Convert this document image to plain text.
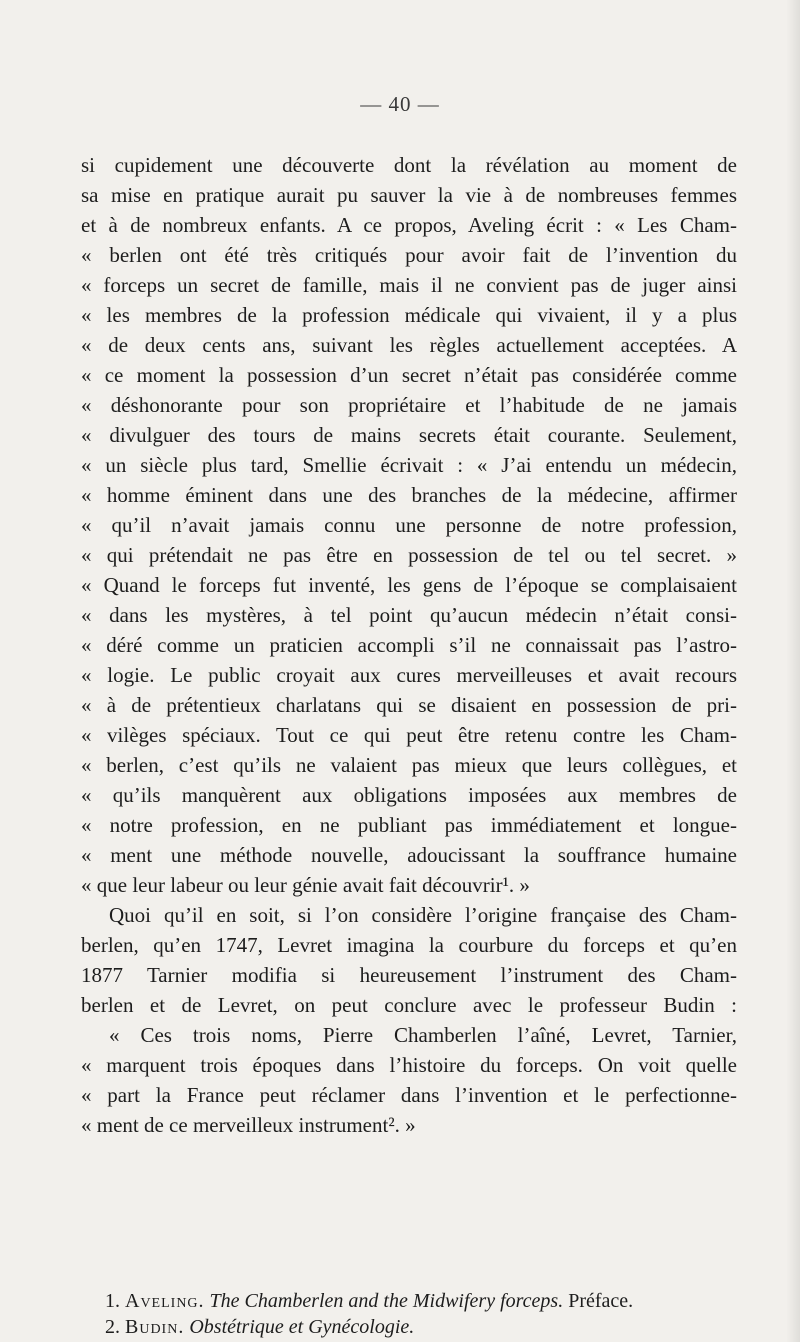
— 40 —
si cupidement une découverte dont la révélation au moment de
sa mise en pratique aurait pu sauver la vie à de nombreuses femmes
et à de nombreux enfants. A ce propos, Aveling écrit : « Les Cham-
« berlen ont été très critiqués pour avoir fait de l’invention du
« forceps un secret de famille, mais il ne convient pas de juger ainsi
« les membres de la profession médicale qui vivaient, il y a plus
« de deux cents ans, suivant les règles actuellement acceptées. A
« ce moment la possession d’un secret n’était pas considérée comme
« déshonorante pour son propriétaire et l’habitude de ne jamais
« divulguer des tours de mains secrets était courante. Seulement,
« un siècle plus tard, Smellie écrivait : « J’ai entendu un médecin,
« homme éminent dans une des branches de la médecine, affirmer
« qu’il n’avait jamais connu une personne de notre profession,
« qui prétendait ne pas être en possession de tel ou tel secret. »
« Quand le forceps fut inventé, les gens de l’époque se complaisaient
« dans les mystères, à tel point qu’aucun médecin n’était consi-
« déré comme un praticien accompli s’il ne connaissait pas l’astro-
« logie. Le public croyait aux cures merveilleuses et avait recours
« à de prétentieux charlatans qui se disaient en possession de pri-
« vilèges spéciaux. Tout ce qui peut être retenu contre les Cham-
« berlen, c’est qu’ils ne valaient pas mieux que leurs collègues, et
« qu’ils manquèrent aux obligations imposées aux membres de
« notre profession, en ne publiant pas immédiatement et longue-
« ment une méthode nouvelle, adoucissant la souffrance humaine
« que leur labeur ou leur génie avait fait découvrir¹. »
Quoi qu’il en soit, si l’on considère l’origine française des Cham-
berlen, qu’en 1747, Levret imagina la courbure du forceps et qu’en
1877 Tarnier modifia si heureusement l’instrument des Cham-
berlen et de Levret, on peut conclure avec le professeur Budin :
« Ces trois noms, Pierre Chamberlen l’aîné, Levret, Tarnier,
« marquent trois époques dans l’histoire du forceps. On voit quelle
« part la France peut réclamer dans l’invention et le perfectionne-
« ment de ce merveilleux instrument². »
1. Aveling. The Chamberlen and the Midwifery forceps. Préface.
2. Budin. Obstétrique et Gynécologie.
